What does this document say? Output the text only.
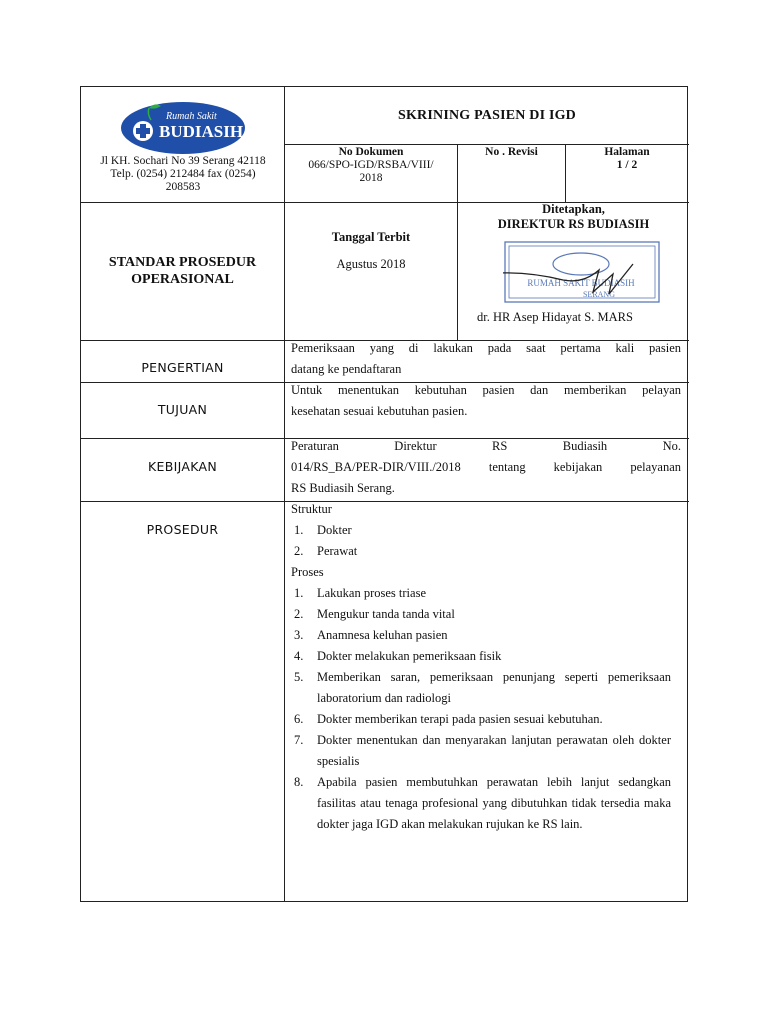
Rumah Sakit
BUDIASIH
Jl KH. Sochari No 39 Serang 42118
Telp. (0254) 212484 fax (0254)
208583
SKRINING PASIEN DI IGD
No Dokumen
066/SPO-IGD/RSBA/VIII/
2018
No . Revisi	Halaman
1 / 2
STANDAR PROSEDUR
OPERASIONAL
Tanggal Terbit
Agustus 2018
Ditetapkan,
DIREKTUR RS BUDIASIH
RUMAH SAKIT BUDIASIH
SERANG
dr. HR Asep Hidayat S. MARS
PENGERTIAN
Pemeriksaan yang di lakukan pada saat pertama kali pasien
datang ke pendaftaran
TUJUAN
Untuk menentukan kebutuhan pasien dan memberikan pelayan
kesehatan sesuai kebutuhan pasien.
KEBIJAKAN
Peraturan Direktur RS Budiasih No.
014/RS_BA/PER-DIR/VIII./2018 tentang kebijakan pelayanan
RS Budiasih Serang.
PROSEDUR
Struktur
1. Dokter
2. Perawat
Proses
1. Lakukan proses triase
2. Mengukur tanda tanda vital
3. Anamnesa keluhan pasien
4. Dokter melakukan pemeriksaan fisik
5. Memberikan saran, pemeriksaan penunjang seperti pemeriksaan laboratorium dan radiologi
6. Dokter memberikan terapi pada pasien sesuai kebutuhan.
7. Dokter menentukan dan menyarakan lanjutan perawatan oleh dokter spesialis
8. Apabila pasien membutuhkan perawatan lebih lanjut sedangkan fasilitas atau tenaga profesional yang dibutuhkan tidak tersedia maka dokter jaga IGD akan melakukan rujukan ke RS lain.
